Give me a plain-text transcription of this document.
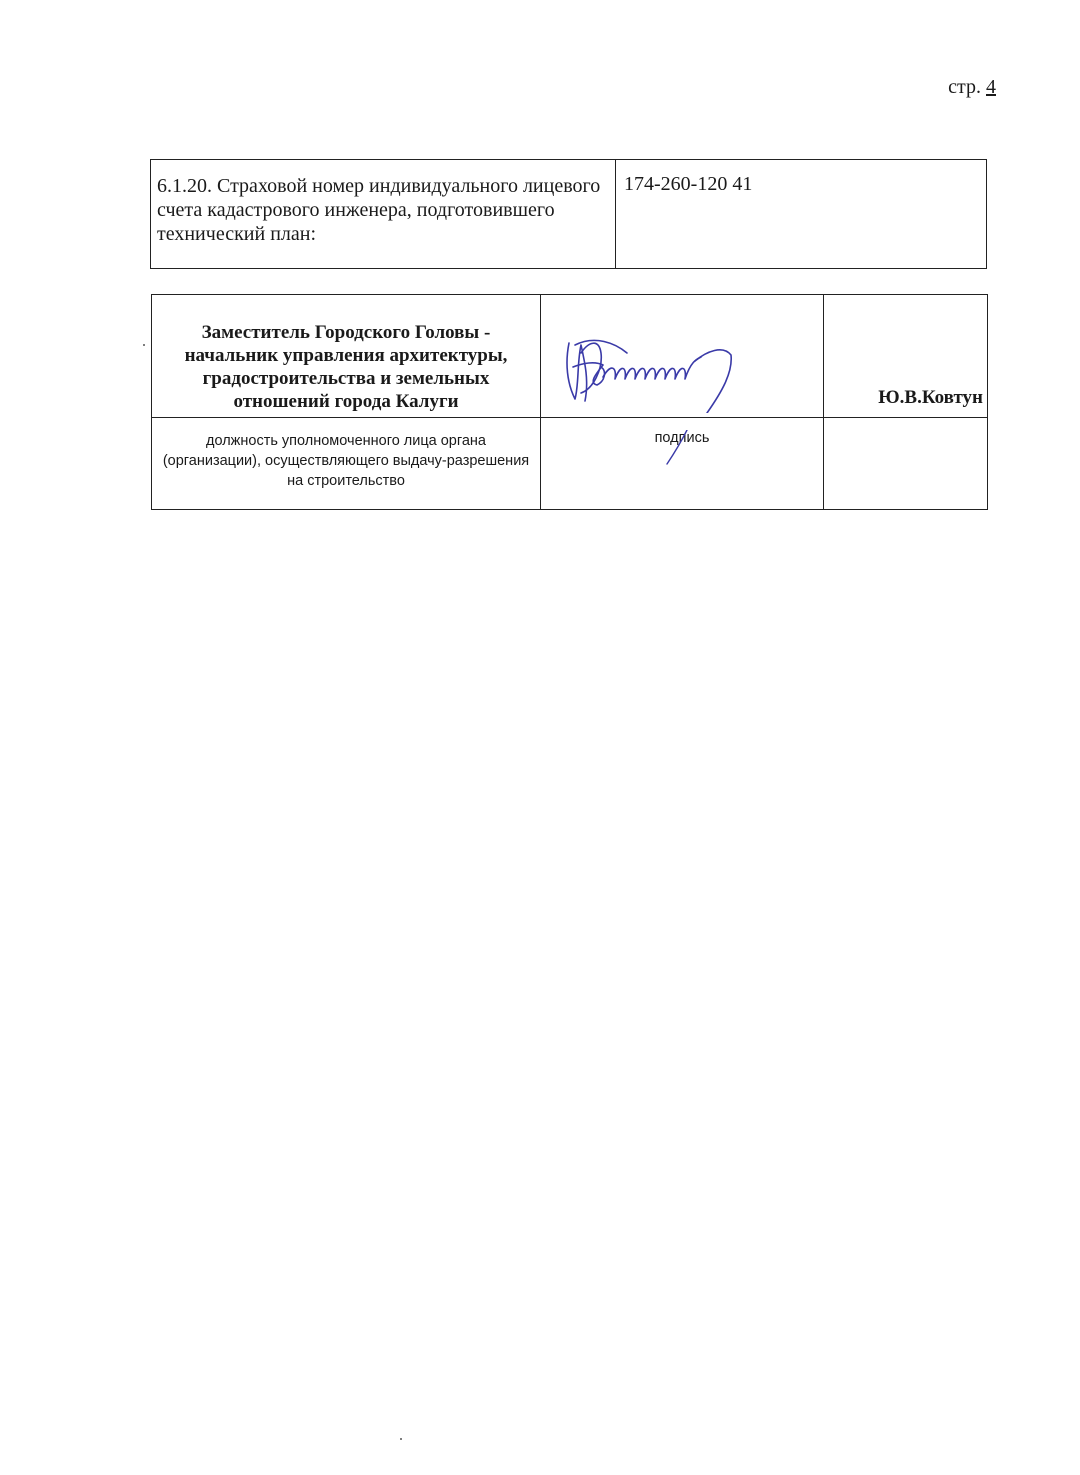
стр. 4
6.1.20. Страховой номер индивидуального лицевого счета кадастрового инженера, подготовившего технический план:	174-260-120 41
Заместитель Городского Головы - начальник управления архитектуры, градостроительства и земельных отношений города Калуги		Ю.В.Ковтун
должность уполномоченного лица органа (организации), осуществляющего выдачу-разрешения на строительство	подпись	
